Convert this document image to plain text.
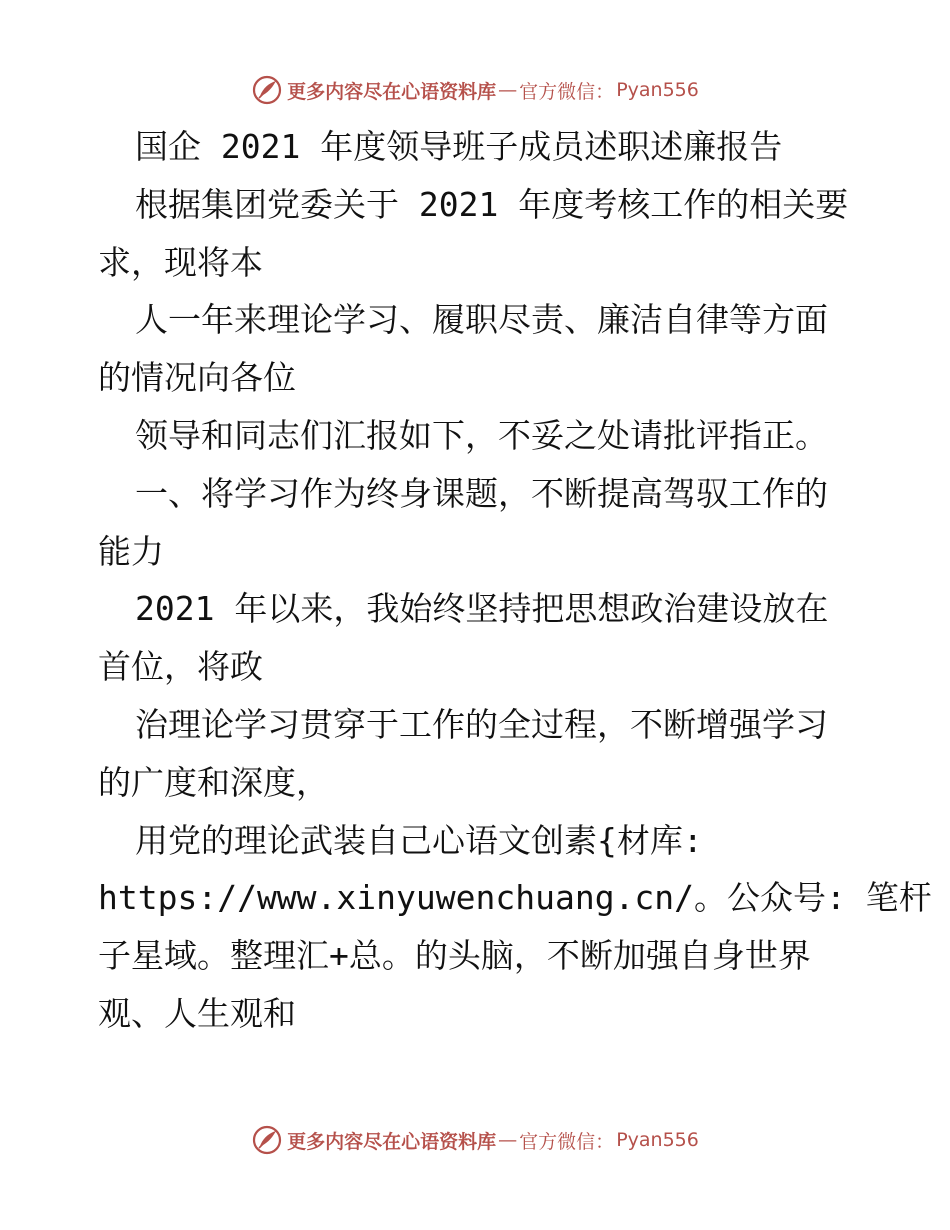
更多内容尽在心语资料库 — 官方微信： Pyan556
国企 2021 年度领导班子成员述职述廉报告
根据集团党委关于 2021 年度考核工作的相关要
求，现将本
人一年来理论学习、履职尽责、廉洁自律等方面
的情况向各位
领导和同志们汇报如下，不妥之处请批评指正。
一、将学习作为终身课题，不断提高驾驭工作的
能力
2021 年以来，我始终坚持把思想政治建设放在
首位，将政
治理论学习贯穿于工作的全过程，不断增强学习
的广度和深度，
用党的理论武装自己心语文创素{材库:
https://www.xinyuwenchuang.cn/。公众号: 笔杆
子星域。整理汇+总。的头脑，不断加强自身世界
观、人生观和
更多内容尽在心语资料库 — 官方微信： Pyan556
